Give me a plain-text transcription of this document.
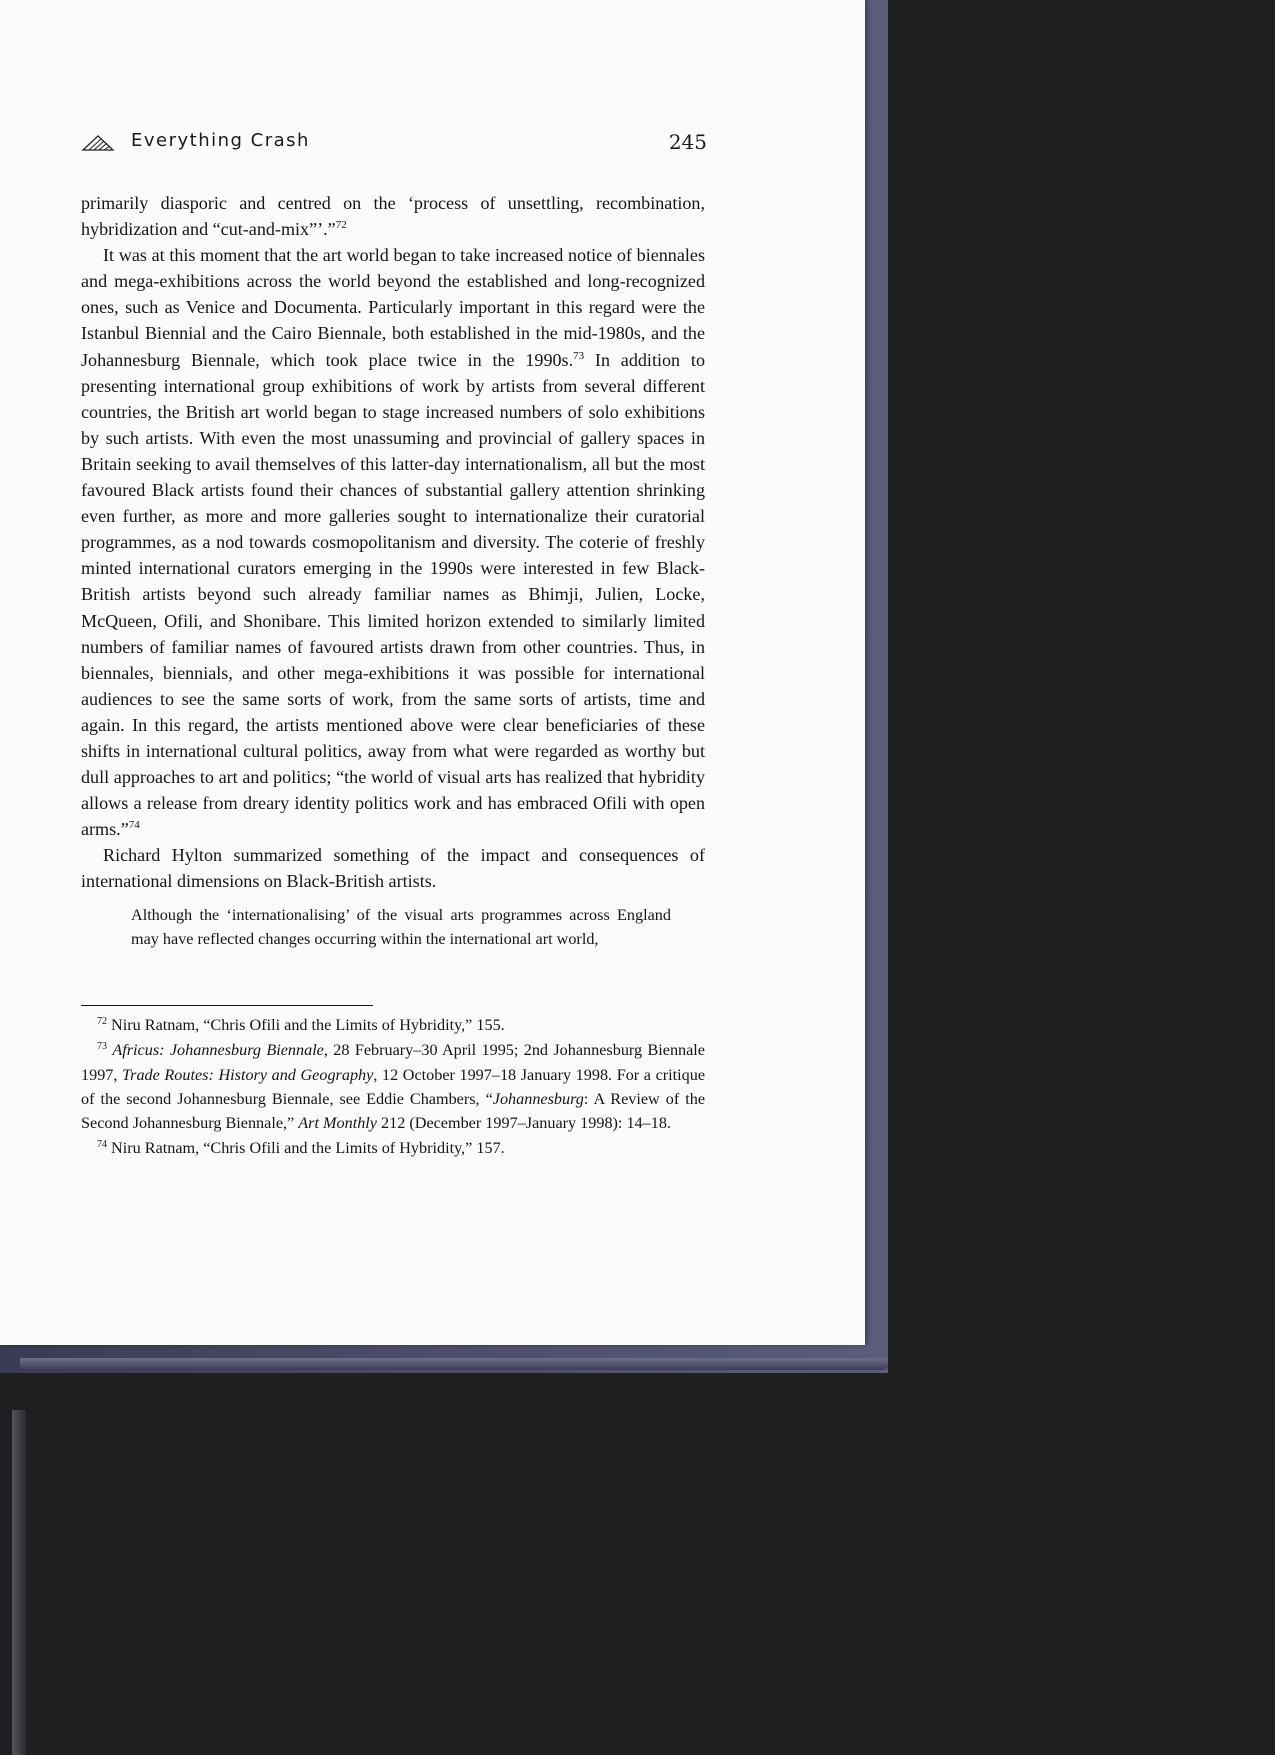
Everything Crash	245

primarily diasporic and centred on the ‘process of unsettling, recombination, hybridization and “cut-and-mix”’.”$^{72}$

It was at this moment that the art world began to take increased notice of biennales and mega-exhibitions across the world beyond the established and long-recognized ones, such as Venice and Documenta. Particularly important in this regard were the Istanbul Biennial and the Cairo Biennale, both established in the mid-1980s, and the Johannesburg Biennale, which took place twice in the 1990s.$^{73}$ In addition to presenting international group exhibitions of work by artists from several different countries, the British art world began to stage increased numbers of solo exhibitions by such artists. With even the most unassuming and provincial of gallery spaces in Britain seeking to avail themselves of this latter-day internationalism, all but the most favoured Black artists found their chances of substantial gallery attention shrinking even further, as more and more galleries sought to internationalize their curatorial programmes, as a nod towards cosmopolitanism and diversity. The coterie of freshly minted international curators emerging in the 1990s were interested in few Black-British artists beyond such already familiar names as Bhimji, Julien, Locke, McQueen, Ofili, and Shonibare. This limited horizon extended to similarly limited numbers of familiar names of favoured artists drawn from other countries. Thus, in biennales, biennials, and other mega-exhibitions it was possible for international audiences to see the same sorts of work, from the same sorts of artists, time and again. In this regard, the artists mentioned above were clear beneficiaries of these shifts in international cultural politics, away from what were regarded as worthy but dull approaches to art and politics; “the world of visual arts has realized that hybridity allows a release from dreary identity politics work and has embraced Ofili with open arms.”$^{74}$

Richard Hylton summarized something of the impact and consequences of international dimensions on Black-British artists.

Although the ‘internationalising’ of the visual arts programmes across England may have reflected changes occurring within the international art world,

$^{72}$ Niru Ratnam, “Chris Ofili and the Limits of Hybridity,” 155.

$^{73}$ Africus: Johannesburg Biennale, 28 February–30 April 1995; 2nd Johannesburg Biennale 1997, Trade Routes: History and Geography, 12 October 1997–18 January 1998. For a critique of the second Johannesburg Biennale, see Eddie Chambers, “Johannesburg: A Review of the Second Johannesburg Biennale,” Art Monthly 212 (December 1997–January 1998): 14–18.

$^{74}$ Niru Ratnam, “Chris Ofili and the Limits of Hybridity,” 157.
